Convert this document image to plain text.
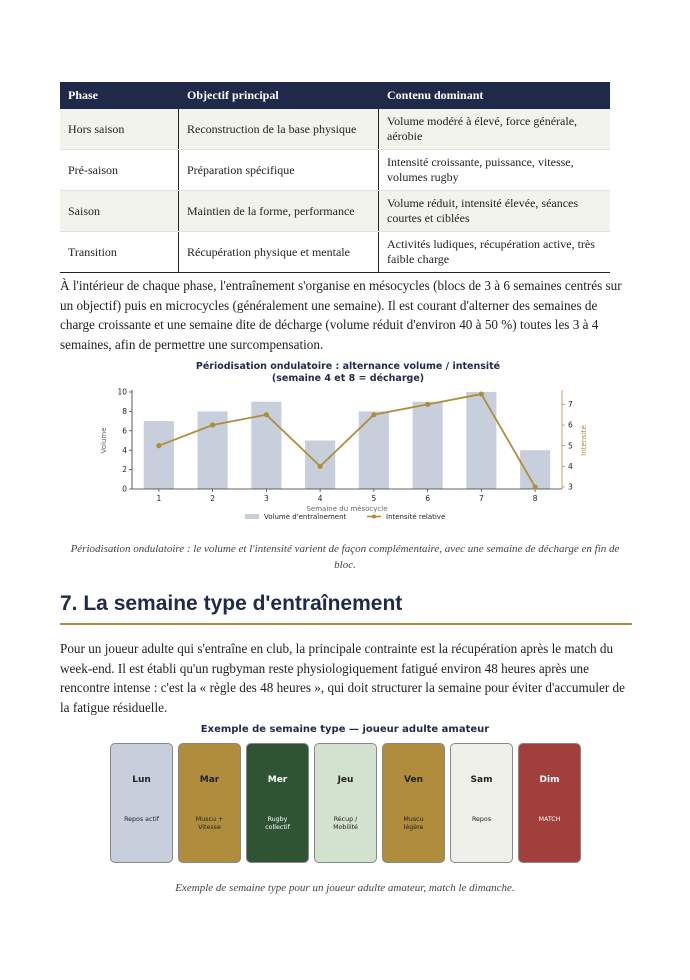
Phase	Objectif principal	Contenu dominant
Hors saison	Reconstruction de la base physique	Volume modéré à élevé, force générale, aérobie
Pré-saison	Préparation spécifique	Intensité croissante, puissance, vitesse, volumes rugby
Saison	Maintien de la forme, performance	Volume réduit, intensité élevée, séances courtes et ciblées
Transition	Récupération physique et mentale	Activités ludiques, récupération active, très faible charge

À l'intérieur de chaque phase, l'entraînement s'organise en mésocycles (blocs de 3 à 6 semaines centrés sur un objectif) puis en microcycles (généralement une semaine). Il est courant d'alterner des semaines de charge croissante et une semaine dite de décharge (volume réduit d'environ 40 à 50 %) toutes les 3 à 4 semaines, afin de permettre une surcompensation.

Périodisation ondulatoire : alternance volume / intensité
(semaine 4 et 8 = décharge)
0
2
4
6
8
10
3
4
5
6
7
1	2	3	4	5	6	7	8
Semaine du mésocycle
Volume	Intensité
Volume d'entraînement	Intensité relative
Périodisation ondulatoire : le volume et l'intensité varient de façon complémentaire, avec une semaine de décharge en fin de bloc.
7. La semaine type d'entraînement

Pour un joueur adulte qui s'entraîne en club, la principale contrainte est la récupération après le match du week-end. Il est établi qu'un rugbyman reste physiologiquement fatigué environ 48 heures après une rencontre intense : c'est la « règle des 48 heures », qui doit structurer la semaine pour éviter d'accumuler de la fatigue résiduelle.

Exemple de semaine type — joueur adulte amateur
Lun
Repos actif
Mar
Muscu +
Vitesse
Mer
Rugby
collectif
Jeu
Récup /
Mobilité
Ven
Muscu
légère
Sam
Repos
Dim
MATCH
Exemple de semaine type pour un joueur adulte amateur, match le dimanche.
